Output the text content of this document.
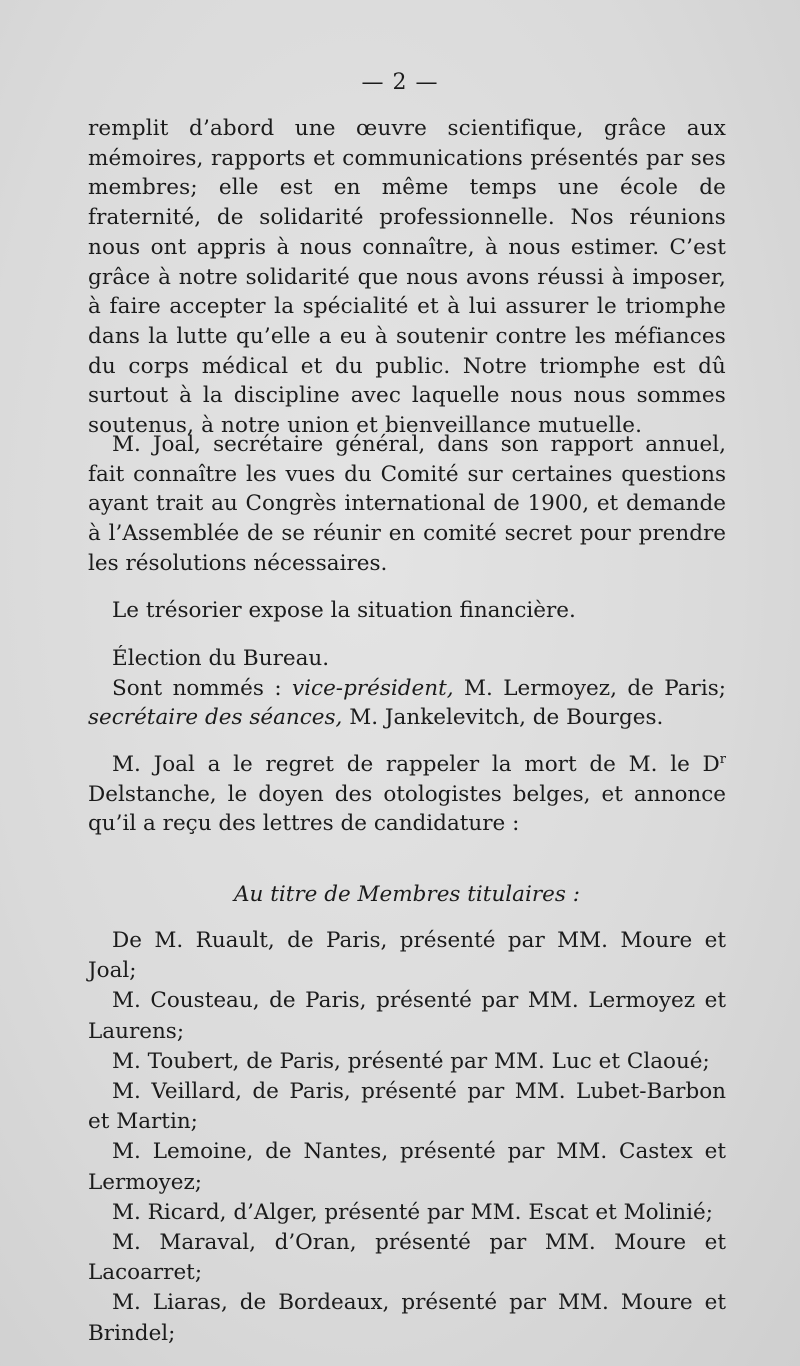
— 2 —

remplit d’abord une œuvre scientifique, grâce aux mémoires, rapports et communications présentés par ses membres; elle est en même temps une école de fraternité, de solidarité professionnelle. Nos réunions nous ont appris à nous connaître, à nous estimer. C’est grâce à notre solidarité que nous avons réussi à imposer, à faire accepter la spécialité et à lui assurer le triomphe dans la lutte qu’elle a eu à soutenir contre les méfiances du corps médical et du public. Notre triomphe est dû surtout à la discipline avec laquelle nous nous sommes soutenus, à notre union et bienveillance mutuelle.

M. Joal, secrétaire général, dans son rapport annuel, fait connaître les vues du Comité sur certaines questions ayant trait au Congrès international de 1900, et demande à l’Assemblée de se réunir en comité secret pour prendre les résolutions nécessaires.

Le trésorier expose la situation financière.

Élection du Bureau.

Sont nommés : vice-président, M. Lermoyez, de Paris; secrétaire des séances, M. Jankelevitch, de Bourges.

M. Joal a le regret de rappeler la mort de M. le $D^r$ Delstanche, le doyen des otologistes belges, et annonce qu’il a reçu des lettres de candidature :

Au titre de Membres titulaires :

De M. Ruault, de Paris, présenté par MM. Moure et Joal;

M. Cousteau, de Paris, présenté par MM. Lermoyez et Laurens;

M. Toubert, de Paris, présenté par MM. Luc et Claoué;

M. Veillard, de Paris, présenté par MM. Lubet-Barbon et Martin;

M. Lemoine, de Nantes, présenté par MM. Castex et Lermoyez;

M. Ricard, d’Alger, présenté par MM. Escat et Molinié;

M. Maraval, d’Oran, présenté par MM. Moure et Lacoarret;

M. Liaras, de Bordeaux, présenté par MM. Moure et Brindel;
